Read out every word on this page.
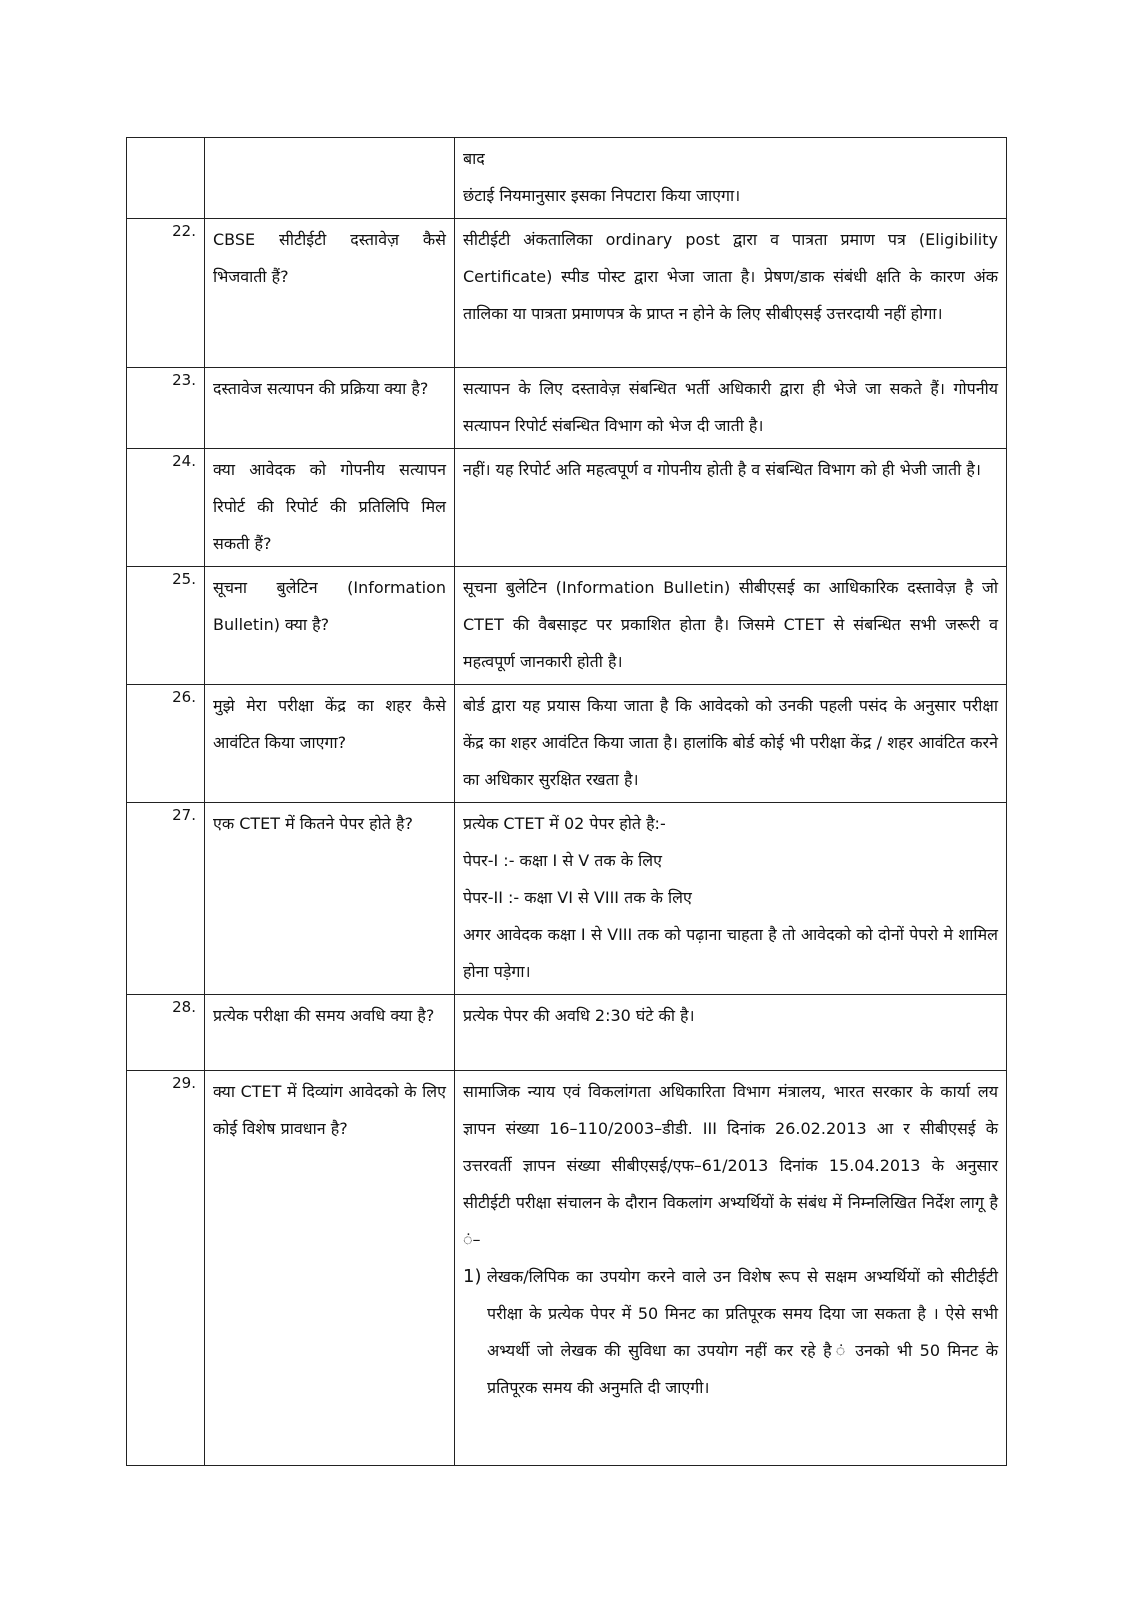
		बाद
छंटाई नियमानुसार इसका निपटारा किया जाएगा।

22.	CBSE सीटीईटी दस्तावेज़ कैसे भिजवाती हैं?	सीटीईटी अंकतालिका ordinary post द्वारा व पात्रता प्रमाण पत्र (Eligibility Certificate) स्पीड पोस्ट द्वारा भेजा जाता है। प्रेषण/डाक संबंधी क्षति के कारण अंक तालिका या पात्रता प्रमाणपत्र के प्राप्त न होने के लिए सीबीएसई उत्तरदायी नहीं होगा।

23.	दस्तावेज सत्यापन की प्रक्रिया क्या है?	सत्यापन के लिए दस्तावेज़ संबन्धित भर्ती अधिकारी द्वारा ही भेजे जा सकते हैं। गोपनीय सत्यापन रिपोर्ट संबन्धित विभाग को भेज दी जाती है।

24.	क्या आवेदक को गोपनीय सत्यापन रिपोर्ट की रिपोर्ट की प्रतिलिपि मिल सकती हैं?	नहीं। यह रिपोर्ट अति महत्वपूर्ण व गोपनीय होती है व संबन्धित विभाग को ही भेजी जाती है।

25.	सूचना बुलेटिन (Information Bulletin) क्या है?	सूचना बुलेटिन (Information Bulletin) सीबीएसई का आधिकारिक दस्तावेज़ है जो CTET की वैबसाइट पर प्रकाशित होता है। जिसमे CTET से संबन्धित सभी जरूरी व महत्वपूर्ण जानकारी होती है।

26.	मुझे मेरा परीक्षा केंद्र का शहर कैसे आवंटित किया जाएगा?	बोर्ड द्वारा यह प्रयास किया जाता है कि आवेदको को उनकी पहली पसंद के अनुसार परीक्षा केंद्र का शहर आवंटित किया जाता है। हालांकि बोर्ड कोई भी परीक्षा केंद्र / शहर आवंटित करने का अधिकार सुरक्षित रखता है।

27.	एक CTET में कितने पेपर होते है?	प्रत्येक CTET में 02 पेपर होते है:-
पेपर-I :- कक्षा I से V तक के लिए
पेपर-II :- कक्षा VI से VIII तक के लिए

अगर आवेदक कक्षा I से VIII तक को पढ़ाना चाहता है तो आवेदको को दोनों पेपरो मे शामिल होना पड़ेगा।

28.	प्रत्येक परीक्षा की समय अवधि क्या है?	प्रत्येक पेपर की अवधि 2:30 घंटे की है।

29.	क्या CTET में दिव्यांग आवेदको के लिए कोई विशेष प्रावधान है?	सामाजिक न्याय एवं विकलांगता अधिकारिता विभाग मंत्रालय, भारत सरकार के कार्या लय ज्ञापन संख्या 16–110/2003–डीडी. III दिनांक 26.02.2013 आ र सीबीएसई के उत्तरवर्ती ज्ञापन संख्या सीबीएसई/एफ–61/2013 दिनांक 15.04.2013 के अनुसार सीटीईटी परीक्षा संचालन के दौरान विकलांग अभ्यर्थियों के संबंध में निम्नलिखित निर्देश लागू है ं–

1) लेखक/लिपिक का उपयोग करने वाले उन विशेष रूप से सक्षम अभ्यर्थियों को सीटीईटी परीक्षा के प्रत्येक पेपर में 50 मिनट का प्रतिपूरक समय दिया जा सकता है । ऐसे सभी अभ्यर्थी जो लेखक की सुविधा का उपयोग नहीं कर रहे है ं उनको भी 50 मिनट के प्रतिपूरक समय की अनुमति दी जाएगी।
